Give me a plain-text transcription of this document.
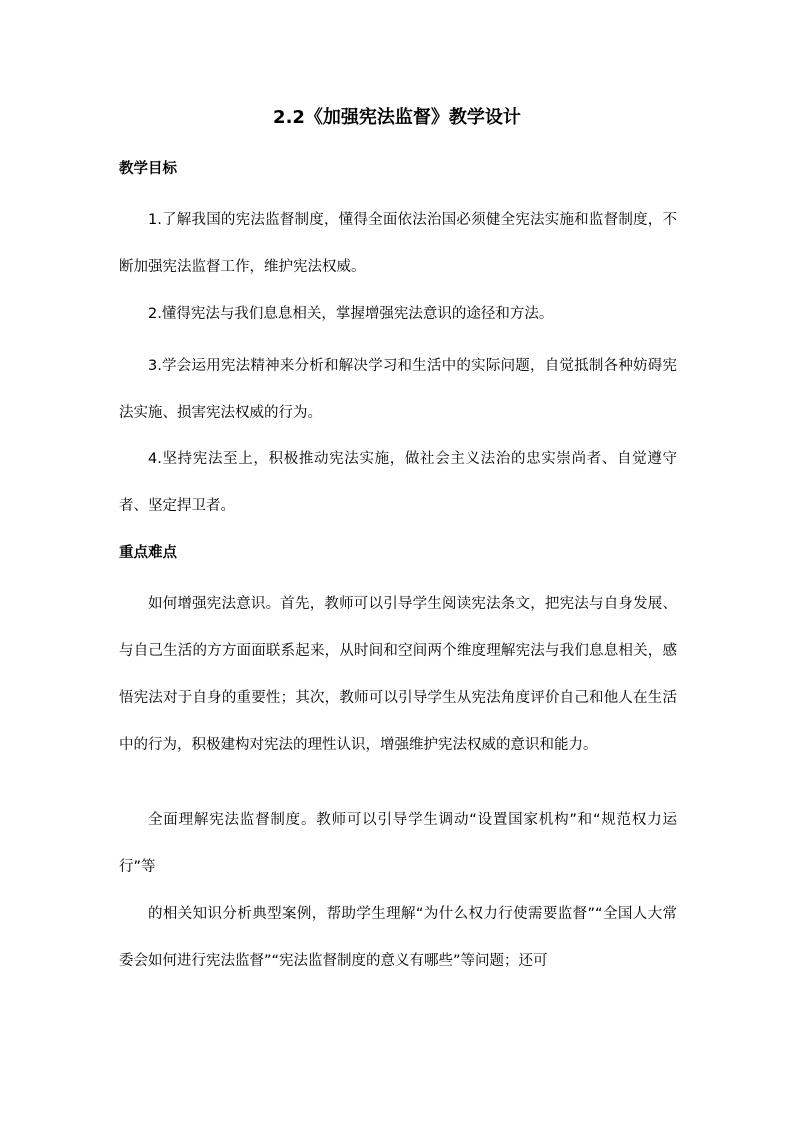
2.2《加强宪法监督》教学设计
教学目标

1.了解我国的宪法监督制度，懂得全面依法治国必须健全宪法实施和监督制度，不断加强宪法监督工作，维护宪法权威。

2.懂得宪法与我们息息相关，掌握增强宪法意识的途径和方法。

3.学会运用宪法精神来分析和解决学习和生活中的实际问题，自觉抵制各种妨碍宪法实施、损害宪法权威的行为。

4.坚持宪法至上，积极推动宪法实施，做社会主义法治的忠实崇尚者、自觉遵守者、坚定捍卫者。

重点难点

如何增强宪法意识。首先，教师可以引导学生阅读宪法条文，把宪法与自身发展、与自己生活的方方面面联系起来，从时间和空间两个维度理解宪法与我们息息相关，感悟宪法对于自身的重要性；其次，教师可以引导学生从宪法角度评价自己和他人在生活中的行为，积极建构对宪法的理性认识，增强维护宪法权威的意识和能力。

全面理解宪法监督制度。教师可以引导学生调动“设置国家机构”和“规范权力运行”等

的相关知识分析典型案例，帮助学生理解“为什么权力行使需要监督”“全国人大常委会如何进行宪法监督”“宪法监督制度的意义有哪些”等问题；还可
